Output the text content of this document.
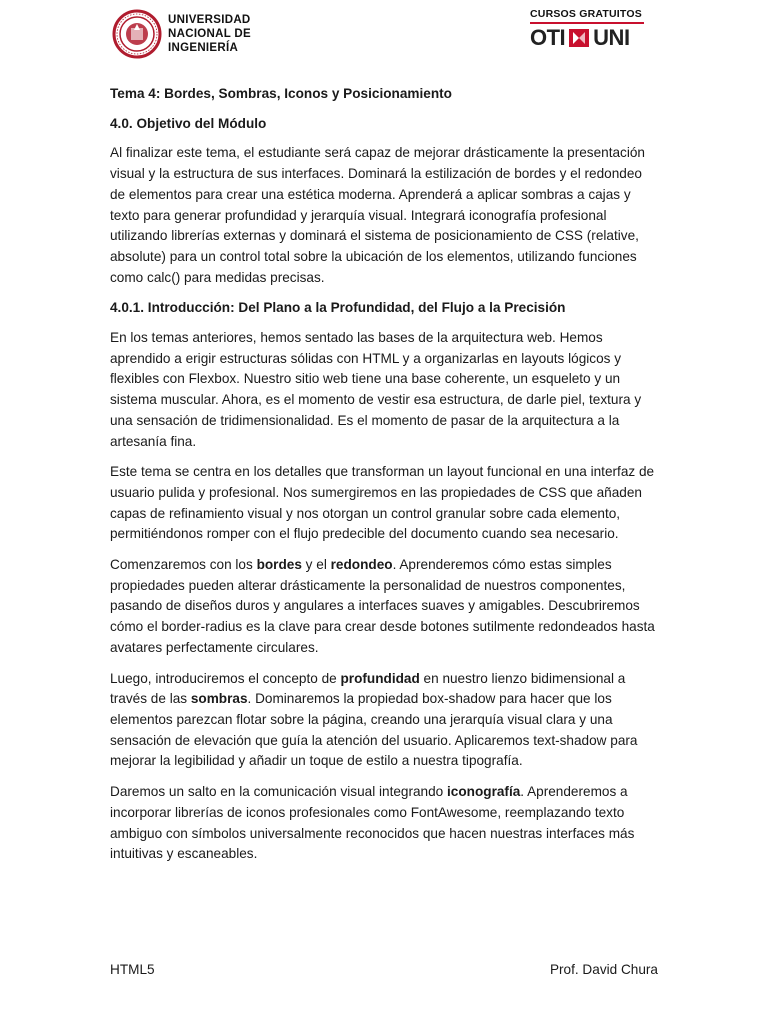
UNIVERSIDAD
NACIONAL DE
INGENIERÍA
CURSOS GRATUITOS
OTI UNI

Tema 4: Bordes, Sombras, Iconos y Posicionamiento

4.0. Objetivo del Módulo

Al finalizar este tema, el estudiante será capaz de mejorar drásticamente la presentación visual y la estructura de sus interfaces. Dominará la estilización de bordes y el redondeo de elementos para crear una estética moderna. Aprenderá a aplicar sombras a cajas y texto para generar profundidad y jerarquía visual. Integrará iconografía profesional utilizando librerías externas y dominará el sistema de posicionamiento de CSS (relative, absolute) para un control total sobre la ubicación de los elementos, utilizando funciones como calc() para medidas precisas.

4.0.1. Introducción: Del Plano a la Profundidad, del Flujo a la Precisión

En los temas anteriores, hemos sentado las bases de la arquitectura web. Hemos aprendido a erigir estructuras sólidas con HTML y a organizarlas en layouts lógicos y flexibles con Flexbox. Nuestro sitio web tiene una base coherente, un esqueleto y un sistema muscular. Ahora, es el momento de vestir esa estructura, de darle piel, textura y una sensación de tridimensionalidad. Es el momento de pasar de la arquitectura a la artesanía fina.

Este tema se centra en los detalles que transforman un layout funcional en una interfaz de usuario pulida y profesional. Nos sumergiremos en las propiedades de CSS que añaden capas de refinamiento visual y nos otorgan un control granular sobre cada elemento, permitiéndonos romper con el flujo predecible del documento cuando sea necesario.

Comenzaremos con los bordes y el redondeo. Aprenderemos cómo estas simples propiedades pueden alterar drásticamente la personalidad de nuestros componentes, pasando de diseños duros y angulares a interfaces suaves y amigables. Descubriremos cómo el border-radius es la clave para crear desde botones sutilmente redondeados hasta avatares perfectamente circulares.

Luego, introduciremos el concepto de profundidad en nuestro lienzo bidimensional a través de las sombras. Dominaremos la propiedad box-shadow para hacer que los elementos parezcan flotar sobre la página, creando una jerarquía visual clara y una sensación de elevación que guía la atención del usuario. Aplicaremos text-shadow para mejorar la legibilidad y añadir un toque de estilo a nuestra tipografía.

Daremos un salto en la comunicación visual integrando iconografía. Aprenderemos a incorporar librerías de iconos profesionales como FontAwesome, reemplazando texto ambiguo con símbolos universalmente reconocidos que hacen nuestras interfaces más intuitivas y escaneables.

HTML5	Prof. David Chura
